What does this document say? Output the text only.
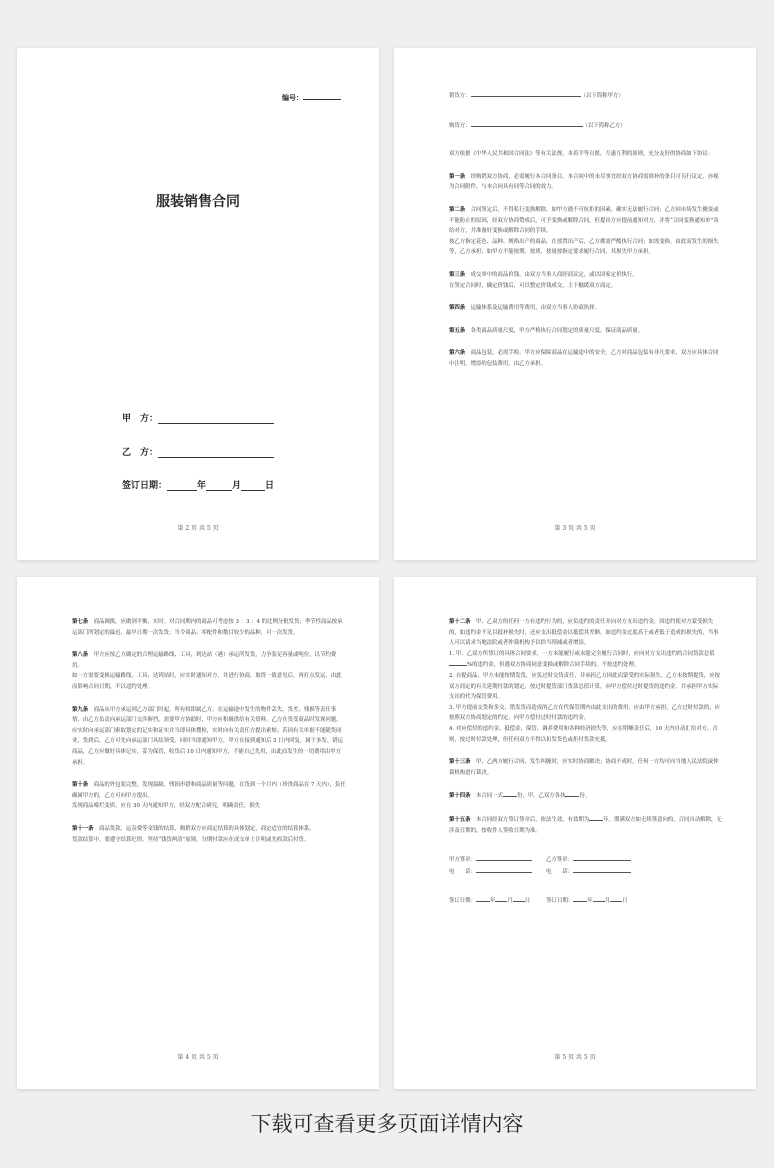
编号：
服装销售合同
甲　方：
乙　方：
签订日期：	年	月	日
第 2 页 共 5 页

销货方：	（以下简称甲方）

购货方：	（以下简称乙方）

双方依据《中华人民共和国合同法》等有关法规，本着平等自愿，互惠互利的原则，充分友好的协商如下协议：

第一条　经购销双方协商，必需履行本合同条目。本合同中的未尽事宜经双方协商需填补的条目可另行议定，亦视为合同附件，与本合同具有同等合同的效力。

第二条　合同签定后，不得私行变换解除。如甲方遇不可抗拒的因素，确实无法履行合同；乙方因市场发生骤变或不能防止的原因，经双方协商赞成后，可予变换或解除合同，但提出方应提前通知对方，并将“合同变换通知单”寄给对方，并准备好变换或解除合同的手续。

按乙方指定花色、品种、规格出产的商品，在放置出产后，乙方都需严酷执行合同；如需变换，由此而发生的损失等，乙方承担；如甲方不能按期、按质、按量按指定要求履行合同，其损失甲方承担。

第三条　成交单中的商品价钱，由双方当事人商经商议定，或以国家定价执行。

在签定合同时，确定价钱后，可以整定价钱成交，主下触缓双方商定。

第四条　运输体系及运输费用等费用，由双方当事人协商执择。

第五条　各类商品质量尺度，甲方严格执行合同划定的质量尺度，保证商品质量。

第六条　商品包装，必需手检。甲方应保障商品在运输途中的安全。乙方对商品包装有非凡要求，双方应具体合同中注明，增添的包装费用，由乙方承担。

第 3 页 共 5 页

第七条　商品调拨，应做到平衡、实时。对合同期内的商品可考虑按 3 ：3 ：4 的比例分批发货；季节性商品按承运部门所划定的最迟、最早日期一次发货；当令商品、零配件和数目较少的品种，可一次发货。

第八条　甲方应按乙方确定的合理运输路线、工具，到达站（港）承运所发货，力争装足容量或吨位，以节约费用。

如一方需要变换运输路线、工具、达到站时，应实时通知对方，并进行协商，取得一致意见后，再打点发运，由此而影响合同日期，不以违约处理。

第九条　商品从甲方承运到乙方部门时起，所有权即属乙方。在运输途中发生的物件丢失、货差、残损等责任事情，由乙方负责向承运部门交涉摒挡，需要甲方协助时，甲方应积极供给有关资料。乙方在货受商品时发现问题，应实时向承运部门索取划定的记实和证实并当即具体搜检，实时向有关责任方提出索赔；若因有关单据不能随货同业，货到后，乙方可先向承运部门具结领受，同时当即通知甲方，甲方在接到通知后 5 日内回复，属于多发、错运商品，乙方应做好具体记实，妥为保管，收货后 10 日内通知甲方，不能自己先用，由此而发生的一切费用由甲方承担。

第十条　商品的外包装完整，发现溢缺、残损串错和商品质量等问题，在货到一个月内（珍贵商品在 7 天内），负任确属甲方的，乙方可向甲方提出。

发现商品霉烂变质，应在 30 天内通知甲方，经双方配合研究，明确责任，损失

第十一条　商品货款、运杂费等金钱的结算，购销双方应商定结算的具体划定，商定适宜的结算体系。

货款结算中，要遵守结算纪律，坚持“钱货两清”原则，分期付款应在成交单上注明或先收款后付货。

第 4 页 共 5 页

第十二条　甲、乙双方的任何一方有违约行为的，应负违约的责任并向对方支出违约金，因违约使对方蒙受损失的，如违约金不足以抵补损失时，还应支出抵偿金以抵偿其差额。如违约金过度高于或者低于造成的损失的，当事人可以请求当地法院或者仲裁机构予以恰当削减或者增添。

1. 甲、乙双方所签订的具体合同要求，一方未能履行或未能完全履行合同时，应向对方支出违约的合同货款总值%的违约金，但遇双方协商同意变换或解除合同手续的，不按违约处理。

2. 自提商品，甲方未能按期发货，应负过时交货责任，并承担乙方因此而蒙受的实际损失。乙方未按期提货，应按双方商定的有关延期付款的划定，按过时提货部门货款总值计算，向甲方偿付过时提货的违约金，并承担甲方实际支出的代为保管费用。

3. 甲方提前交货和多交、错发货而造成的乙方在代保管期内由此支出的费用，应由甲方承担，乙方过时付款的，应按照双方协商划定的约定，向甲方偿付过时付款的违约金。

4. 对应偿付的违约金、抵偿金、保管、调养费用和各种经济损失等，应在明晰责任后，10 天内自动汇给对方，否则，按过时付款处理，但任何双方不得以扣发货色或拒付货款充抵。

第十三条　甲、乙两方履行合同，发生纠缠时，应实时协商解决；协商不成时，任何一方均可向当地人民法院或仲裁机构进行裁决。

第十四条　本合同一式	份，甲、乙双方各执	份。

第十五条　本合同经双方签订签章后，依法生效，有效期为	年。期满双方如无续签意向的，合同自动解除，无涉及日期的，按收件人签收日期为准。

甲方签章：	乙方签章：

电　　话：	电　　话：

签订日期：	年 月 日	签订日期：	年 月 日

第 5 页 共 5 页
下载可查看更多页面详情内容
